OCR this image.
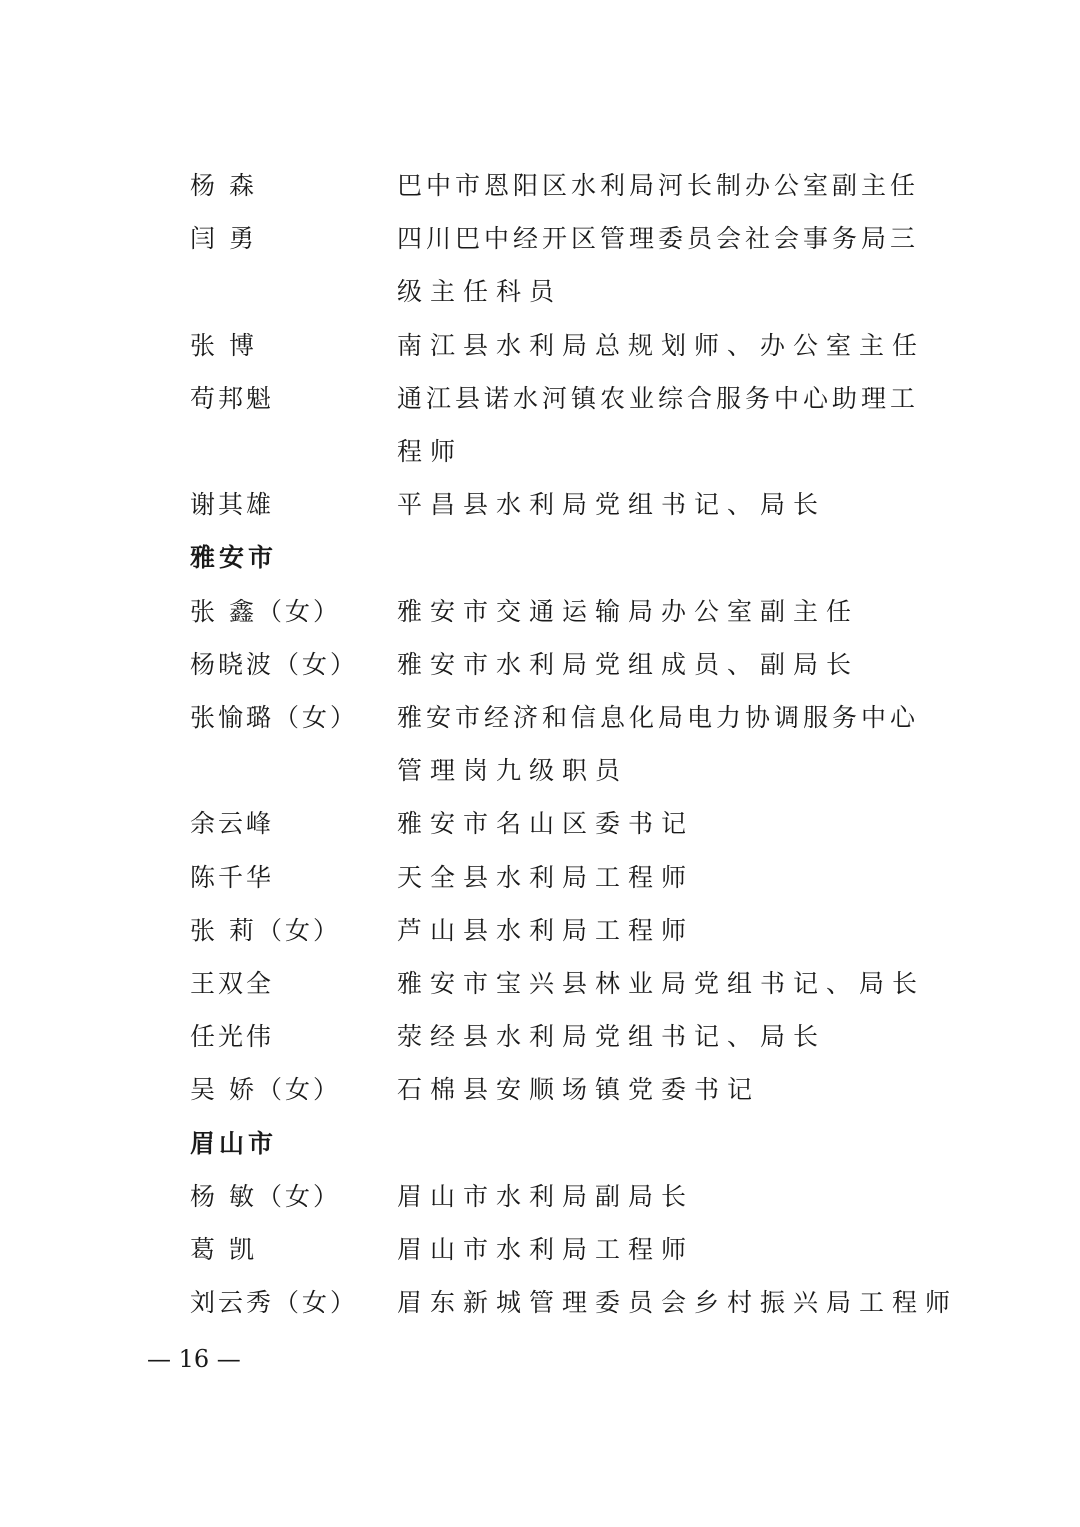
杨 森	巴中市恩阳区水利局河长制办公室副主任
闫 勇	四川巴中经开区管理委员会社会事务局三
级主任科员
张 博	南江县水利局总规划师、办公室主任
苟邦魁	通江县诺水河镇农业综合服务中心助理工
程师
谢其雄	平昌县水利局党组书记、局长
雅安市
张 鑫（女） 雅安市交通运输局办公室副主任
杨晓波（女） 雅安市水利局党组成员、副局长
张愉璐（女） 雅安市经济和信息化局电力协调服务中心
管理岗九级职员
余云峰	雅安市名山区委书记
陈千华	天全县水利局工程师
张 莉（女） 芦山县水利局工程师
王双全	雅安市宝兴县林业局党组书记、局长
任光伟	荥经县水利局党组书记、局长
吴 娇（女） 石棉县安顺场镇党委书记
眉山市
杨 敏（女） 眉山市水利局副局长
葛 凯	眉山市水利局工程师
刘云秀（女） 眉东新城管理委员会乡村振兴局工程师
— 16 —
